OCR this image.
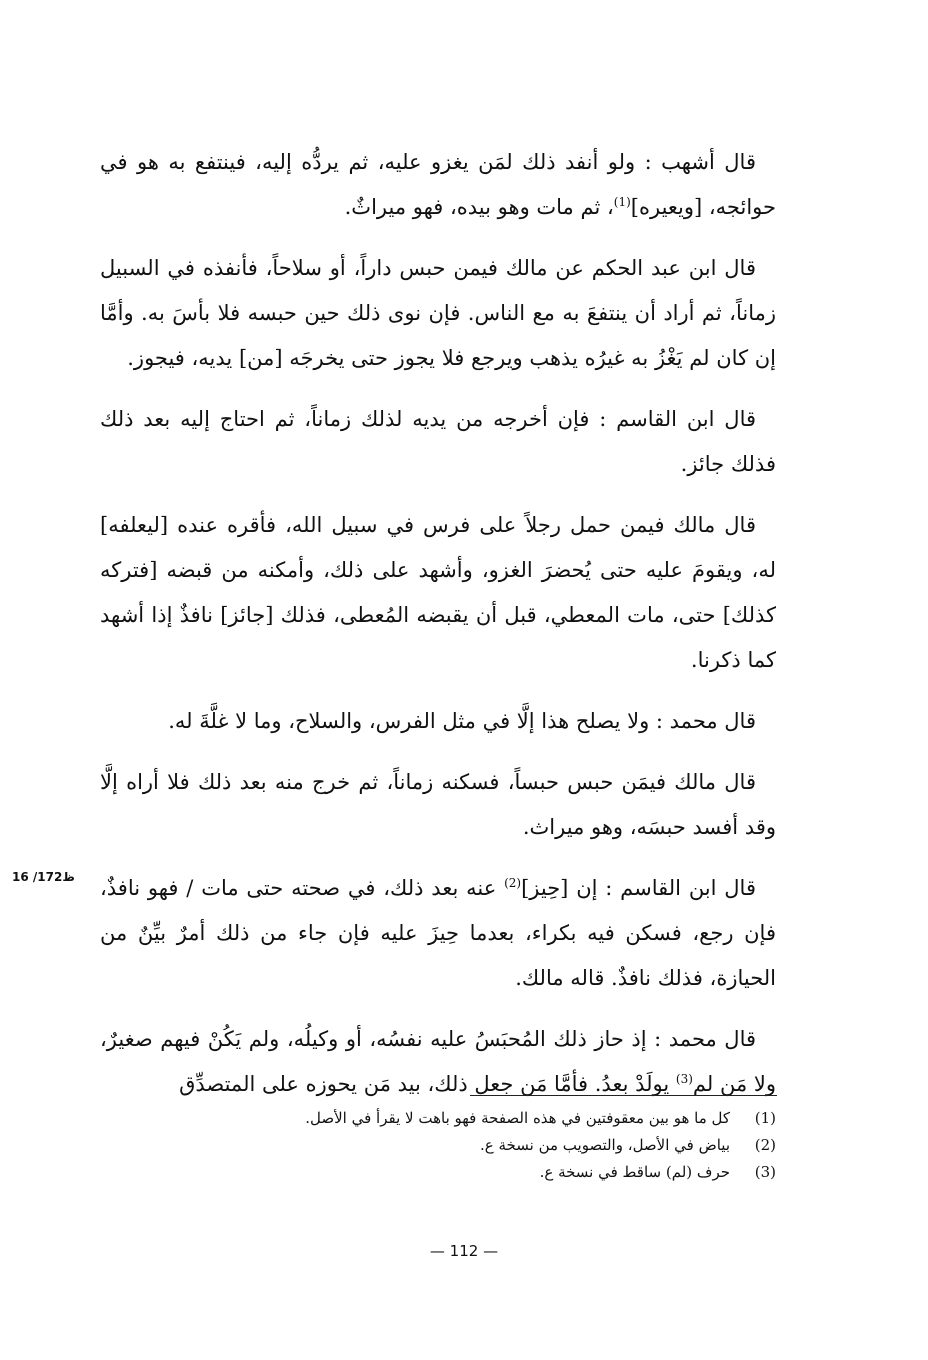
قال أشهب : ولو أنفد ذلك لمَن يغزو عليه، ثم يردُّه إليه، فينتفع به هو في حوائجه، [ويعيره]$^{(1)}$، ثم مات وهو بيده، فهو ميراثٌ.

قال ابن عبد الحكم عن مالك فيمن حبس داراً، أو سلاحاً، فأنفذه في السبيل زماناً، ثم أراد أن ينتفعَ به مع الناس. فإن نوى ذلك حين حبسه فلا بأسَ به. وأمَّا إن كان لم يَغْزُ به غيرُه يذهب ويرجع فلا يجوز حتى يخرجَه [من] يديه، فيجوز.

قال ابن القاسم : فإن أخرجه من يديه لذلك زماناً، ثم احتاج إليه بعد ذلك فذلك جائز.

قال مالك فيمن حمل رجلاً على فرس في سبيل الله، فأقره عنده [ليعلفه] له، ويقومَ عليه حتى يُحضرَ الغزو، وأشهد على ذلك، وأمكنه من قبضه [فتركه كذلك] حتى، مات المعطي، قبل أن يقبضه المُعطى، فذلك [جائز] نافذٌ إذا أشهد كما ذكرنا.

قال محمد : ولا يصلح هذا إلَّا في مثل الفرس، والسلاح، وما لا غلَّةَ له.

قال مالك فيمَن حبس حبساً، فسكنه زماناً، ثم خرج منه بعد ذلك فلا أراه إلَّا وقد أفسد حبسَه، وهو ميراث.

قال ابن القاسم : إن [حِيز]$^{(2)}$ عنه بعد ذلك، في صحته حتى مات / فهو نافذٌ، فإن رجع، فسكن فيه بكراء، بعدما حِيزَ عليه فإن جاء من ذلك أمرٌ بيِّنٌ من الحيازة، فذلك نافذٌ. قاله مالك.

قال محمد : إذ حاز ذلك المُحبَسُ عليه نفسُه، أو وكيلُه، ولم يَكُنْ فيهم صغيرٌ، ولا مَن لم$^{(3)}$ يولَدْ بعدُ. فأمَّا مَن جعل ذلك، بيد مَن يحوزه على المتصدِّق

16 /172ظ
(1)
كل ما هو بين معقوفتين في هذه الصفحة فهو باهت لا يقرأ في الأصل.
(2)
بياض في الأصل، والتصويب من نسخة ع.
(3)
حرف (لم) ساقط في نسخة ع.
— 112 —
